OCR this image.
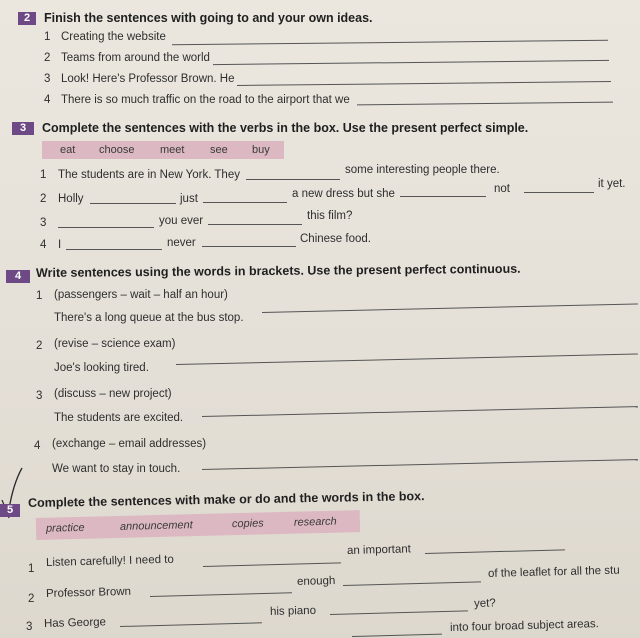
2	Finish the sentences with going to and your own ideas.
1 Creating the website
2 Teams from around the world
3 Look! Here's Professor Brown. He
4 There is so much traffic on the road to the airport that we
3	Complete the sentences with the verbs in the box. Use the present perfect simple.
eat choose meet see buy
1 The students are in New York. They	some interesting people there.
2 Holly	just	a new dress but she	not	it yet.
3	you ever	this film?
4 I	never	Chinese food.
4	Write sentences using the words in brackets. Use the present perfect continuous.
1 (passengers – wait – half an hour)
There's a long queue at the bus stop.
2 (revise – science exam)
Joe's looking tired.
3 (discuss – new project)
The students are excited.
4 (exchange – email addresses)
We want to stay in touch.
5
Complete the sentences with make or do and the words in the box.
practice	announcement	copies	research
1
Listen carefully! I need to
an important
2 Professor Brown
enough
of the leaflet for all the stu
3 Has George
his piano
yet?
into four broad subject areas.
